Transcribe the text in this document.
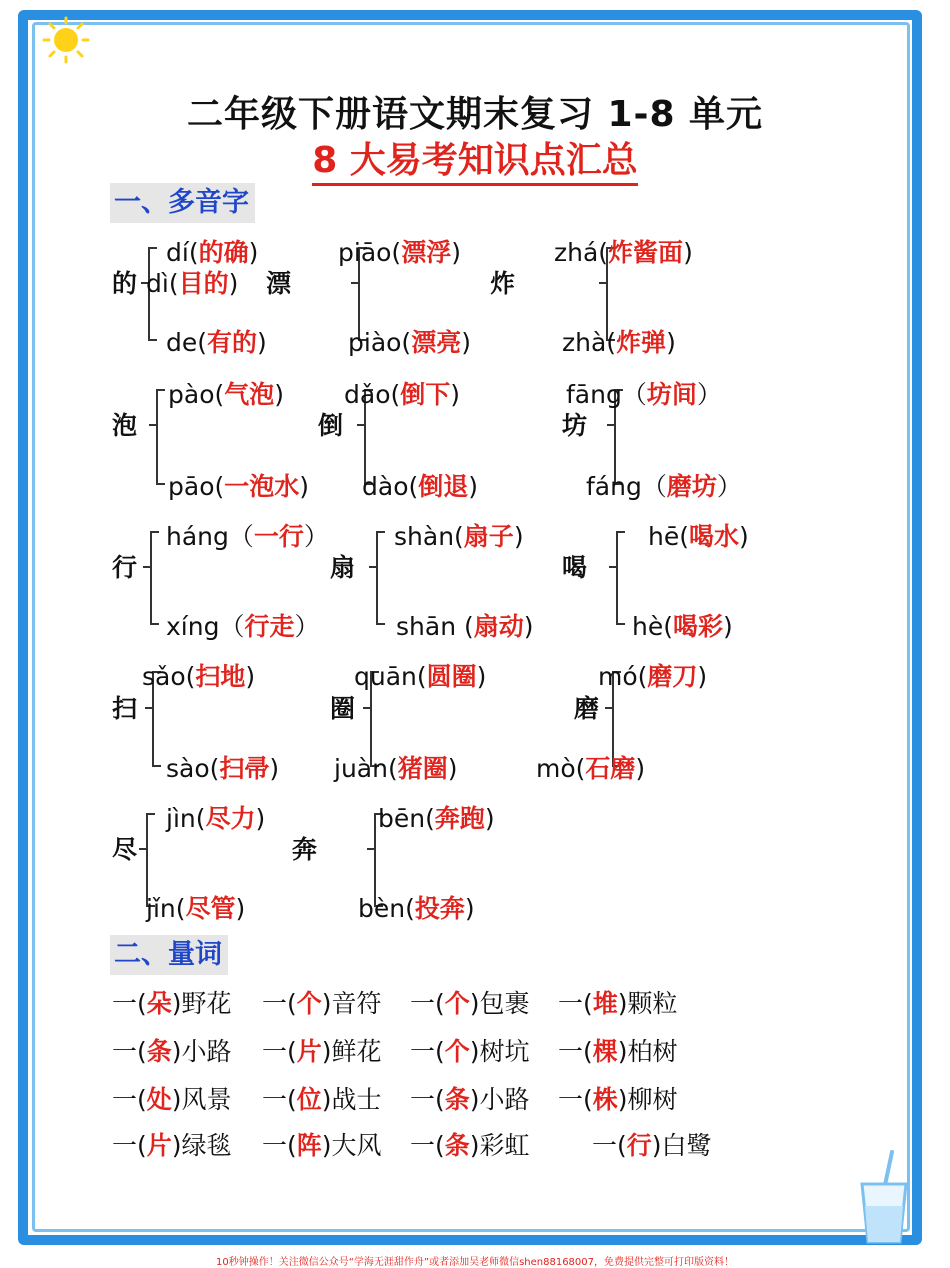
二年级下册语文期末复习 1-8 单元
8 大易考知识点汇总
一、多音字
的
dí(的确)
dì(目的)
de(有的)
漂
piāo(漂浮)
piào(漂亮)
炸
zhá(炸酱面)
zhà(炸弹)
泡
pào(气泡)
pāo(一泡水)
倒
dǎo(倒下)
dào(倒退)
坊
fāng（坊间）
fáng（磨坊）
行
háng（一行）
xíng（行走）
扇
shàn(扇子)
shān (扇动)
喝
hē(喝水)
hè(喝彩)
扫
sǎo(扫地)
sào(扫帚)
圈
quān(圆圈)
juàn(猪圈)
磨
mó(磨刀)
mò(石磨)
尽
jìn(尽力)
jǐn(尽管)
奔
bēn(奔跑)
bèn(投奔)
二、量词
一(朵)野花 一(个)音符 一(个)包裹 一(堆)颗粒
一(条)小路 一(片)鲜花 一(个)树坑 一(棵)柏树
一(处)风景 一(位)战士 一(条)小路 一(株)柳树
一(片)绿毯 一(阵)大风 一(条)彩虹 一(行)白鹭
10秒钟操作！关注微信公众号“学海无涯甜作舟”或者添加吴老师微信shen88168007，免费提供完整可打印版资料！
